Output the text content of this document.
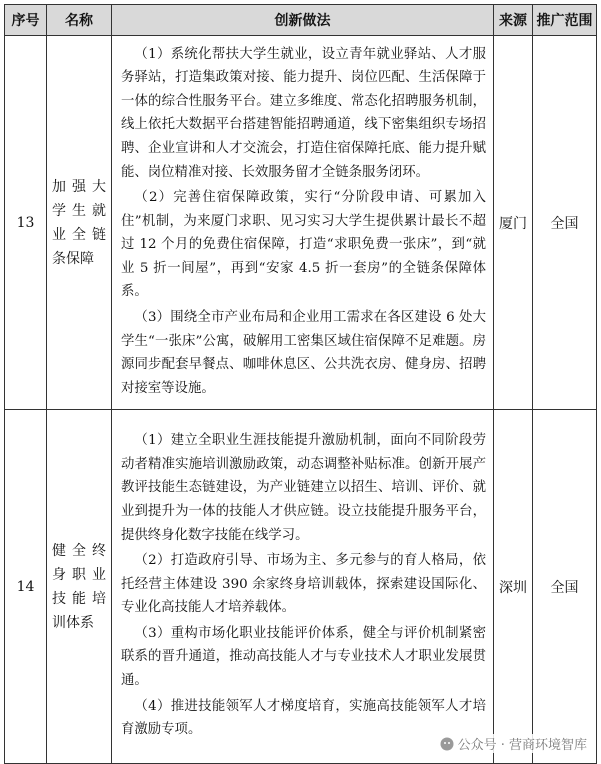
序号	名称	创新做法	来源	推广范围
13	加强大学生就业全链条保障	（1）系统化帮扶大学生就业，设立青年就业驿站、人才服务驿站，打造集政策对接、能力提升、岗位匹配、生活保障于一体的综合性服务平台。建立多维度、常态化招聘服务机制，线上依托大数据平台搭建智能招聘通道，线下密集组织专场招聘、企业宣讲和人才交流会，打造住宿保障托底、能力提升赋能、岗位精准对接、长效服务留才全链条服务闭环。

（2）完善住宿保障政策，实行“分阶段申请、可累加入住”机制，为来厦门求职、见习实习大学生提供累计最长不超过 12 个月的免费住宿保障，打造“求职免费一张床”，到“就业 5 折一间屋”，再到“安家 4.5 折一套房”的全链条保障体系。

（3）围绕全市产业布局和企业用工需求在各区建设 6 处大学生“一张床”公寓，破解用工密集区域住宿保障不足难题。房源同步配套早餐点、咖啡休息区、公共洗衣房、健身房、招聘对接室等设施。	厦门	全国
14	健全终身职业技能培训体系	（1）建立全职业生涯技能提升激励机制，面向不同阶段劳动者精准实施培训激励政策，动态调整补贴标准。创新开展产教评技能生态链建设，为产业链建立以招生、培训、评价、就业到提升为一体的技能人才供应链。设立技能提升服务平台，提供终身化数字技能在线学习。

（2）打造政府引导、市场为主、多元参与的育人格局，依托经营主体建设 390 余家终身培训载体，探索建设国际化、专业化高技能人才培养载体。

（3）重构市场化职业技能评价体系，健全与评价机制紧密联系的晋升通道，推动高技能人才与专业技术人才职业发展贯通。

（4）推进技能领军人才梯度培育，实施高技能领军人才培育激励专项。	深圳	全国
公众号 · 营商环境智库
